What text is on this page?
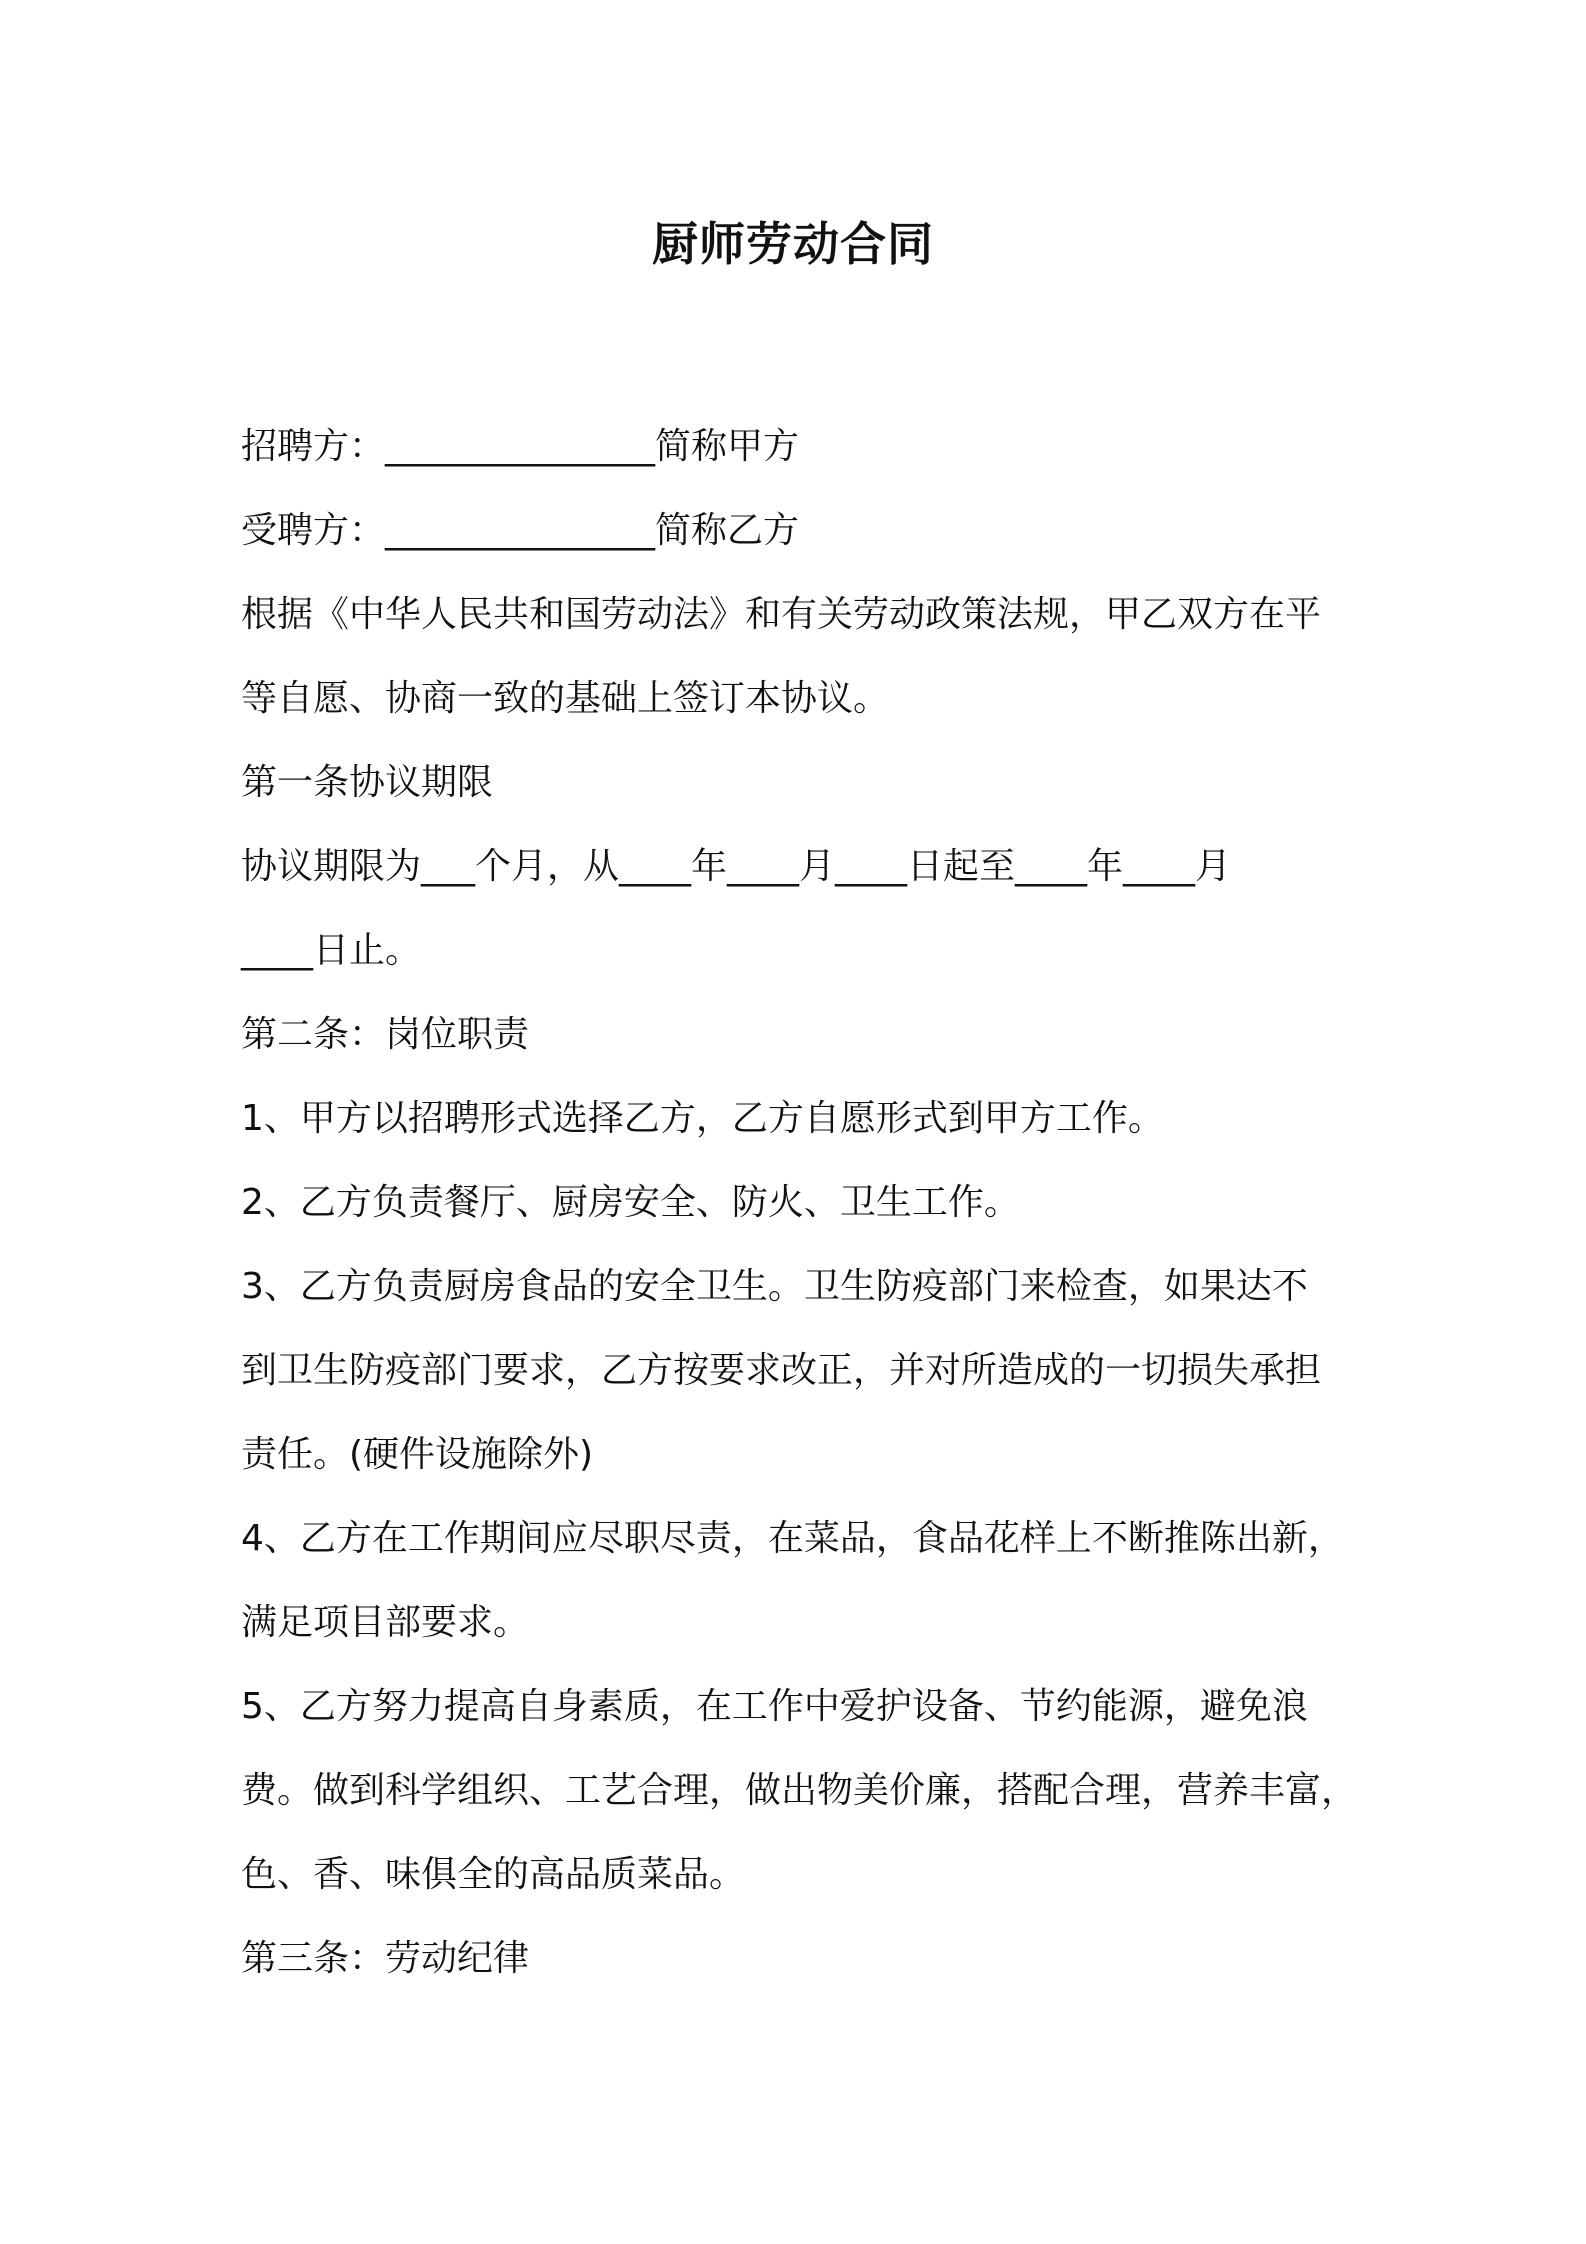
厨师劳动合同
招聘方：_______________简称甲方
受聘方：_______________简称乙方
根据《中华人民共和国劳动法》和有关劳动政策法规，甲乙双方在平
等自愿、协商一致的基础上签订本协议。
第一条协议期限
协议期限为___个月，从____年____月____日起至____年____月
____日止。
第二条：岗位职责
1、甲方以招聘形式选择乙方，乙方自愿形式到甲方工作。
2、乙方负责餐厅、厨房安全、防火、卫生工作。
3、乙方负责厨房食品的安全卫生。卫生防疫部门来检查，如果达不
到卫生防疫部门要求，乙方按要求改正，并对所造成的一切损失承担
责任。(硬件设施除外)
4、乙方在工作期间应尽职尽责，在菜品，食品花样上不断推陈出新，
满足项目部要求。
5、乙方努力提高自身素质，在工作中爱护设备、节约能源，避免浪
费。做到科学组织、工艺合理，做出物美价廉，搭配合理，营养丰富，
色、香、味俱全的高品质菜品。
第三条：劳动纪律
